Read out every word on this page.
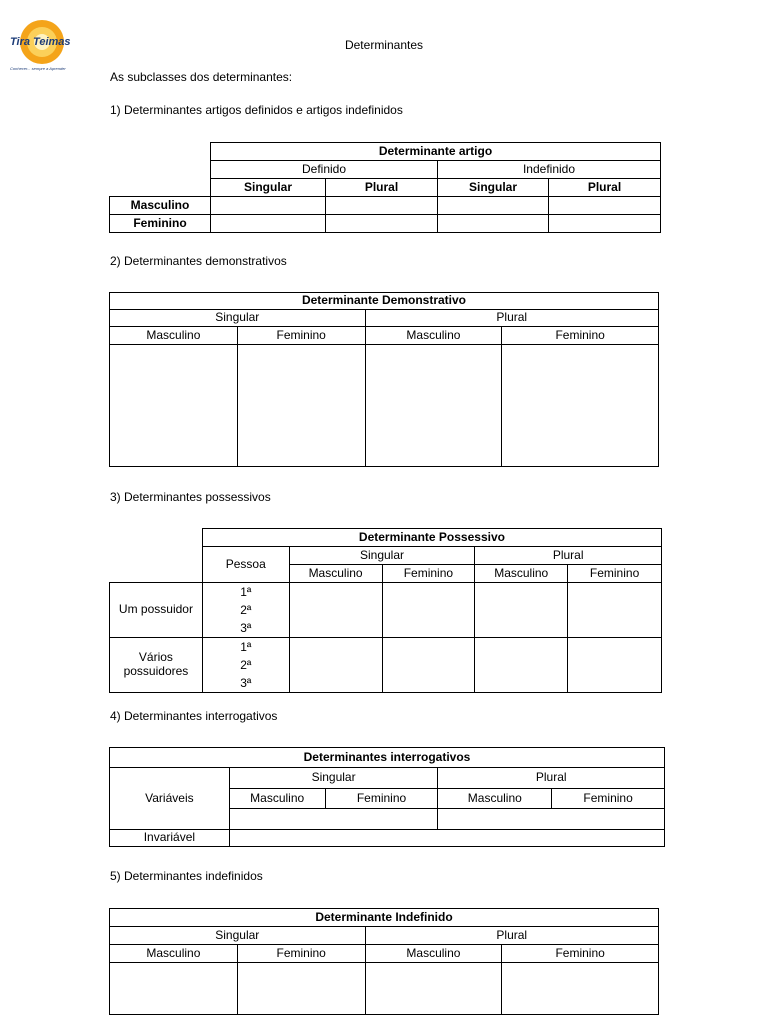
Tira Teimas
Conhecer... sempre a Aprender
Determinantes
As subclasses dos determinantes:
1) Determinantes artigos definidos e artigos indefinidos
	Determinante artigo			
	Definido		Indefinido	
	Singular	Plural	Singular	Plural
Masculino				
Feminino				
2) Determinantes demonstrativos
Determinante Demonstrativo			
Singular		Plural	
Masculino	Feminino	Masculino	Feminino

3) Determinantes possessivos
	Determinante Possessivo				
	Pessoa	Singular		Plural	
		Masculino	Feminino	Masculino	Feminino
Um possuidor	1ª
2ª
3ª				

Vários possuidores	1ª
2ª
3ª				

4) Determinantes interrogativos
Determinantes interrogativos				
Variáveis	Singular		Plural	
	Masculino	Feminino	Masculino	Feminino

Invariável				
5) Determinantes indefinidos
Determinante Indefinido			
Singular		Plural	
Masculino	Feminino	Masculino	Feminino
